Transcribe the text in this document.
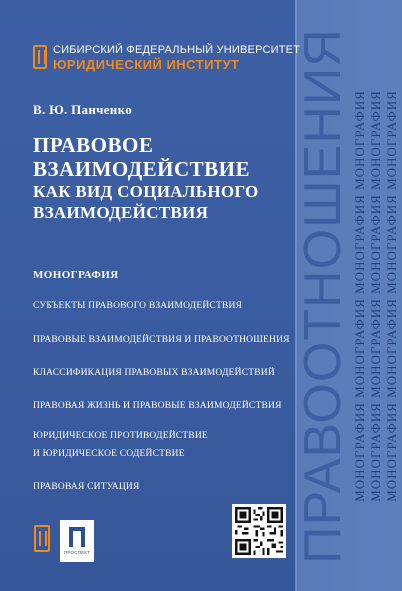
ПРАВООТНОШЕНИЯ МОНОГРАФИЯ МОНОГРАФИЯ МОНОГРАФИЯ МОНОГРАФИЯ МОНОГРАФИЯ МОНОГРАФИЯ МОНОГРАФИЯ МОНОГРАФИЯ МОНОГРАФИЯ МОНОГРАФИЯ МОНОГРАФИЯ МОНОГРАФИЯ
СИБИРСКИЙ ФЕДЕРАЛЬНЫЙ УНИВЕРСИТЕТ
ЮРИДИЧЕСКИЙ ИНСТИТУТ
В. Ю. Панченко
ПРАВОВОЕ
ВЗАИМОДЕЙСТВИЕ
КАК ВИД СОЦИАЛЬНОГО
ВЗАИМОДЕЙСТВИЯ
МОНОГРАФИЯ
СУБЪЕКТЫ ПРАВОВОГО ВЗАИМОДЕЙСТВИЯ
ПРАВОВЫЕ ВЗАИМОДЕЙСТВИЯ И ПРАВООТНОШЕНИЯ
КЛАССИФИКАЦИЯ ПРАВОВЫХ ВЗАИМОДЕЙСТВИЙ
ПРАВОВАЯ ЖИЗНЬ И ПРАВОВЫЕ ВЗАИМОДЕЙСТВИЯ
ЮРИДИЧЕСКОЕ ПРОТИВОДЕЙСТВИЕ
И ЮРИДИЧЕСКОЕ СОДЕЙСТВИЕ
ПРАВОВАЯ СИТУАЦИЯ
ПРОСПЕКТ
